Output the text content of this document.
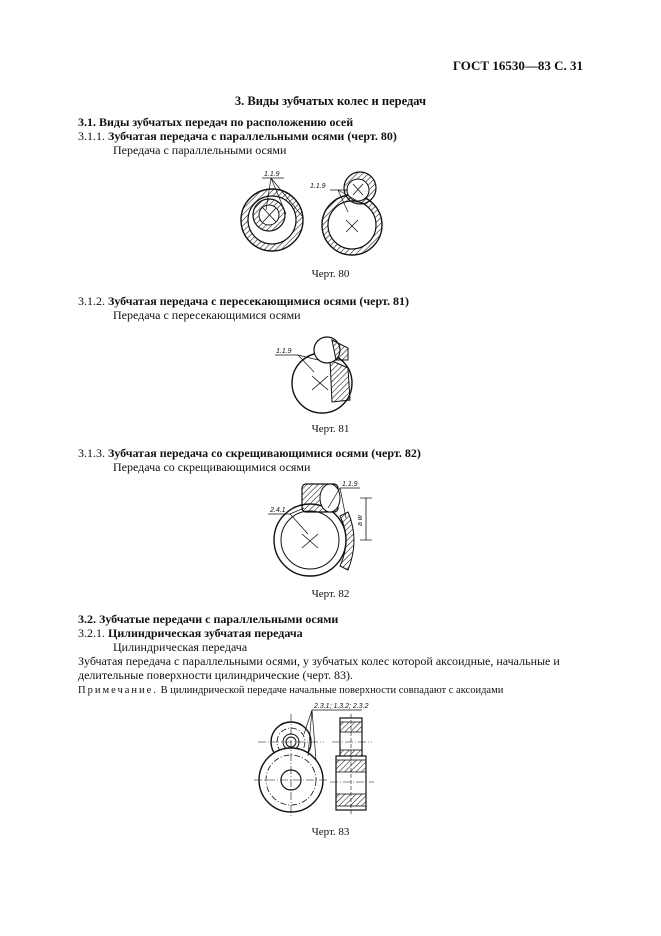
ГОСТ 16530—83 С. 31
3. Виды зубчатых колес и передач
3.1. Виды зубчатых передач по расположению осей
3.1.1. Зубчатая передача с параллельными осями (черт. 80)
Передача с параллельными осями
1.1.9
1.1.9
Черт. 80
3.1.2. Зубчатая передача с пересекающимися осями (черт. 81)
Передача с пересекающимися осями
1.1.9
Черт. 81
3.1.3. Зубчатая передача со скрещивающимися осями (черт. 82)
Передача со скрещивающимися осями
1.1.9
2.4.1
a w
Черт. 82
3.2. Зубчатые передачи с параллельными осями
3.2.1. Цилиндрическая зубчатая передача
Цилиндрическая передача
Зубчатая передача с параллельными осями, у зубчатых колес которой аксоидные, начальные и
делительные поверхности цилиндрические (черт. 83).
Примечание. В цилиндрической передаче начальные поверхности совпадают с аксоидами
2.3.1; 1.3.2; 2.3.2
Черт. 83
